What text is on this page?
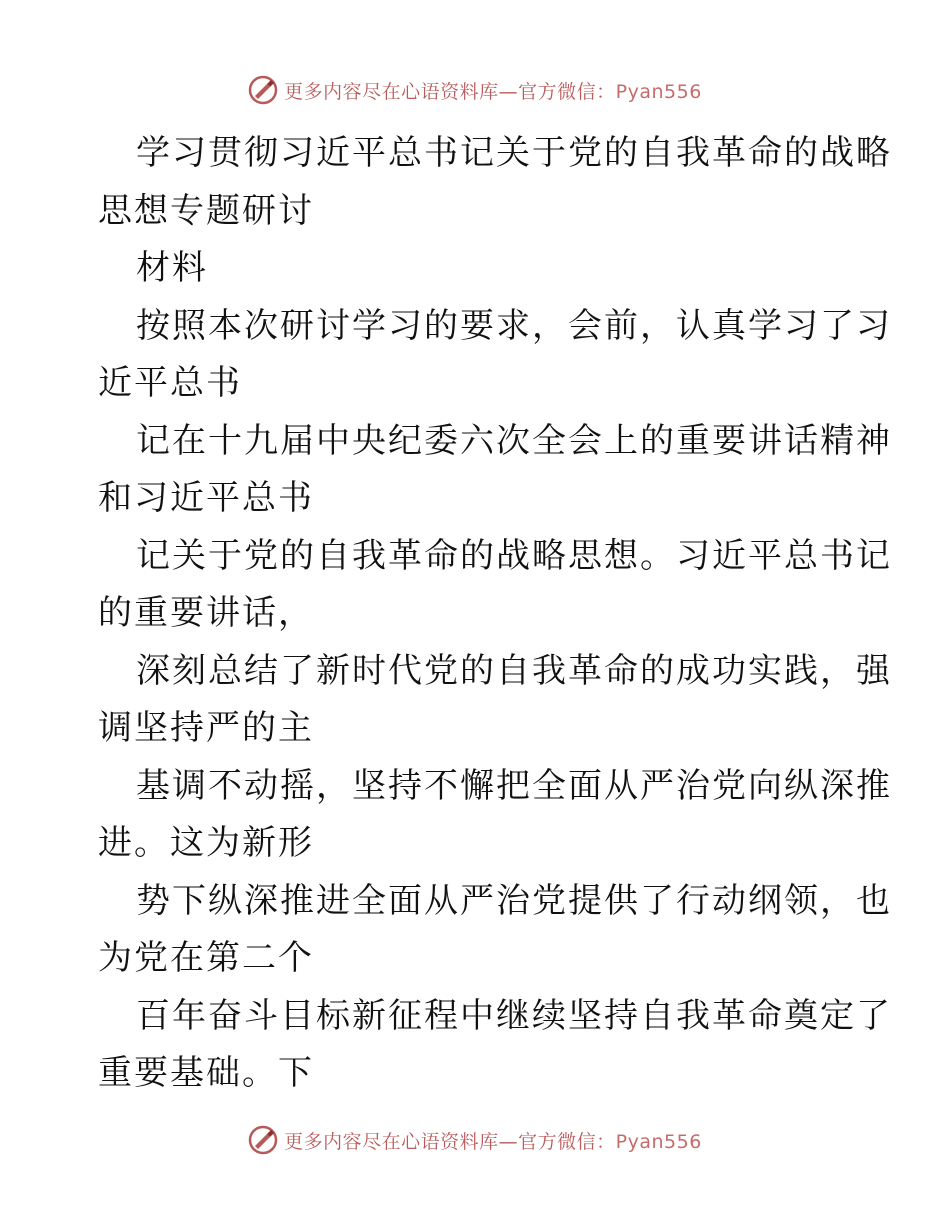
更多内容尽在心语资料库—官方微信：Pyan556
学习贯彻习近平总书记关于党的自我革命的战略
思想专题研讨
材料
按照本次研讨学习的要求，会前，认真学习了习
近平总书
记在十九届中央纪委六次全会上的重要讲话精神
和习近平总书
记关于党的自我革命的战略思想。习近平总书记
的重要讲话，
深刻总结了新时代党的自我革命的成功实践，强
调坚持严的主
基调不动摇，坚持不懈把全面从严治党向纵深推
进。这为新形
势下纵深推进全面从严治党提供了行动纲领，也
为党在第二个
百年奋斗目标新征程中继续坚持自我革命奠定了
重要基础。下
更多内容尽在心语资料库—官方微信：Pyan556
